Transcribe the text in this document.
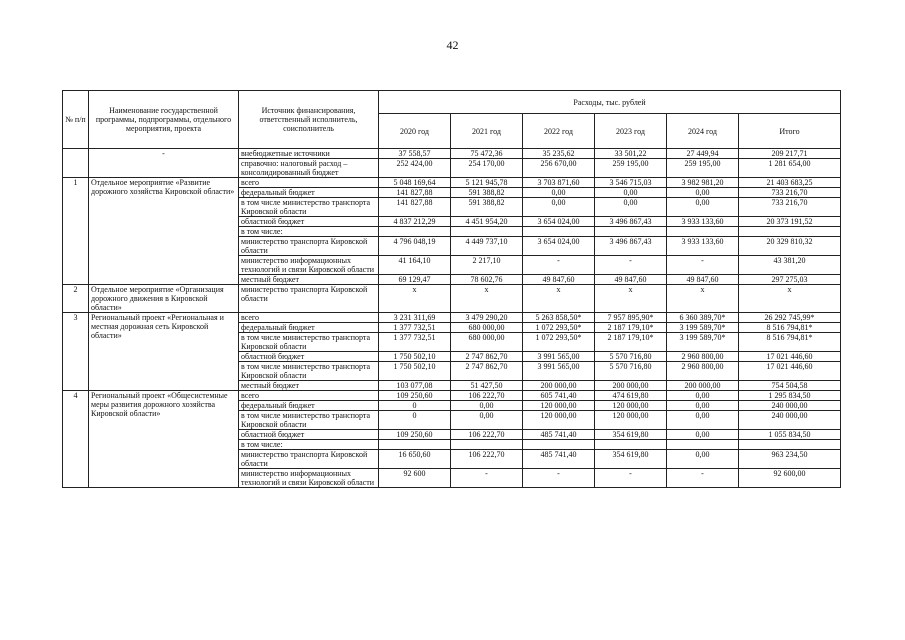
42
№ п/п	Наименование государственной программы, подпрограммы, отдельного мероприятия, проекта	Источник финансирования, ответственный исполнитель, соисполнитель	Расходы, тыс. рублей					
			2020 год	2021 год	2022 год	2023 год	2024 год	Итого
	-	внебюджетные источники	37 558,57	75 472,36	35 235,62	33 501,22	27 449,94	209 217,71
		справочно: налоговый расход – консолидированный бюджет	252 424,00	254 170,00	256 670,00	259 195,00	259 195,00	1 281 654,00
1	Отдельное мероприятие «Развитие дорожного хозяйства Кировской области»	всего	5 048 169,64	5 121 945,78	3 703 871,60	3 546 715,03	3 982 981,20	21 403 683,25
		федеральный бюджет	141 827,88	591 388,82	0,00	0,00	0,00	733 216,70
		в том числе министерство транспорта Кировской области	141 827,88	591 388,82	0,00	0,00	0,00	733 216,70
		областной бюджет	4 837 212,29	4 451 954,20	3 654 024,00	3 496 867,43	3 933 133,60	20 373 191,52
		в том числе:						
		министерство транспорта Кировской области	4 796 048,19	4 449 737,10	3 654 024,00	3 496 867,43	3 933 133,60	20 329 810,32
		министерство информационных технологий и связи Кировской области	41 164,10	2 217,10	-	-	-	43 381,20
		местный бюджет	69 129,47	78 602,76	49 847,60	49 847,60	49 847,60	297 275,03
2	Отдельное мероприятие «Организация дорожного движения в Кировской области»	министерство транспорта Кировской области	x	x	x	x	x	x
3	Региональный проект «Региональная и местная дорожная сеть Кировской области»	всего	3 231 311,69	3 479 290,20	5 263 858,50*	7 957 895,90*	6 360 389,70*	26 292 745,99*
		федеральный бюджет	1 377 732,51	680 000,00	1 072 293,50*	2 187 179,10*	3 199 589,70*	8 516 794,81*
		в том числе министерство транспорта Кировской области	1 377 732,51	680 000,00	1 072 293,50*	2 187 179,10*	3 199 589,70*	8 516 794,81*
		областной бюджет	1 750 502,10	2 747 862,70	3 991 565,00	5 570 716,80	2 960 800,00	17 021 446,60
		в том числе министерство транспорта Кировской области	1 750 502,10	2 747 862,70	3 991 565,00	5 570 716,80	2 960 800,00	17 021 446,60
		местный бюджет	103 077,08	51 427,50	200 000,00	200 000,00	200 000,00	754 504,58
4	Региональный проект «Общесистемные меры развития дорожного хозяйства Кировской области»	всего	109 250,60	106 222,70	605 741,40	474 619,80	0,00	1 295 834,50
		федеральный бюджет	0	0,00	120 000,00	120 000,00	0,00	240 000,00
		в том числе министерство транспорта Кировской области	0	0,00	120 000,00	120 000,00	0,00	240 000,00
		областной бюджет	109 250,60	106 222,70	485 741,40	354 619,80	0,00	1 055 834,50
		в том числе:						
		министерство транспорта Кировской области	16 650,60	106 222,70	485 741,40	354 619,80	0,00	963 234,50
		министерство информационных технологий и связи Кировской области	92 600	-	-	-	-	92 600,00
